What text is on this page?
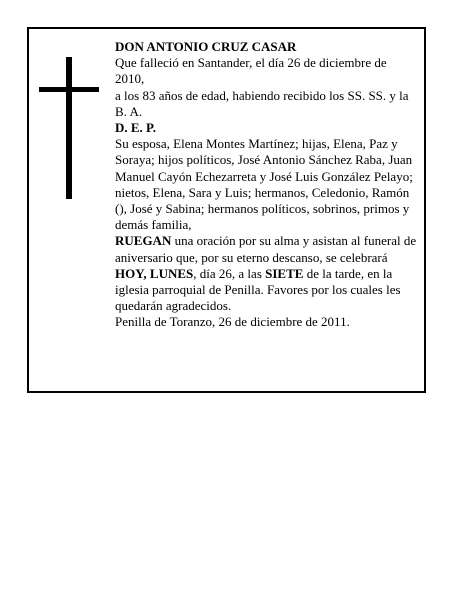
DON ANTONIO CRUZ CASAR

Que falleció en Santander, el día 26 de diciembre de 2010,

a los 83 años de edad, habiendo recibido los SS. SS. y la B. A.

D. E. P.

Su esposa, Elena Montes Martínez; hijas, Elena, Paz y Soraya; hijos políticos, José Antonio Sánchez Raba, Juan Manuel Cayón Echezarreta y José Luis González Pelayo; nietos, Elena, Sara y Luis; hermanos, Celedonio, Ramón (), José y Sabina; hermanos políticos, sobrinos, primos y demás familia,

RUEGAN una oración por su alma y asistan al funeral de aniversario que, por su eterno descanso, se celebrará HOY, LUNES, día 26, a las SIETE de la tarde, en la iglesia parroquial de Penilla. Favores por los cuales les quedarán agradecidos.

Penilla de Toranzo, 26 de diciembre de 2011.
